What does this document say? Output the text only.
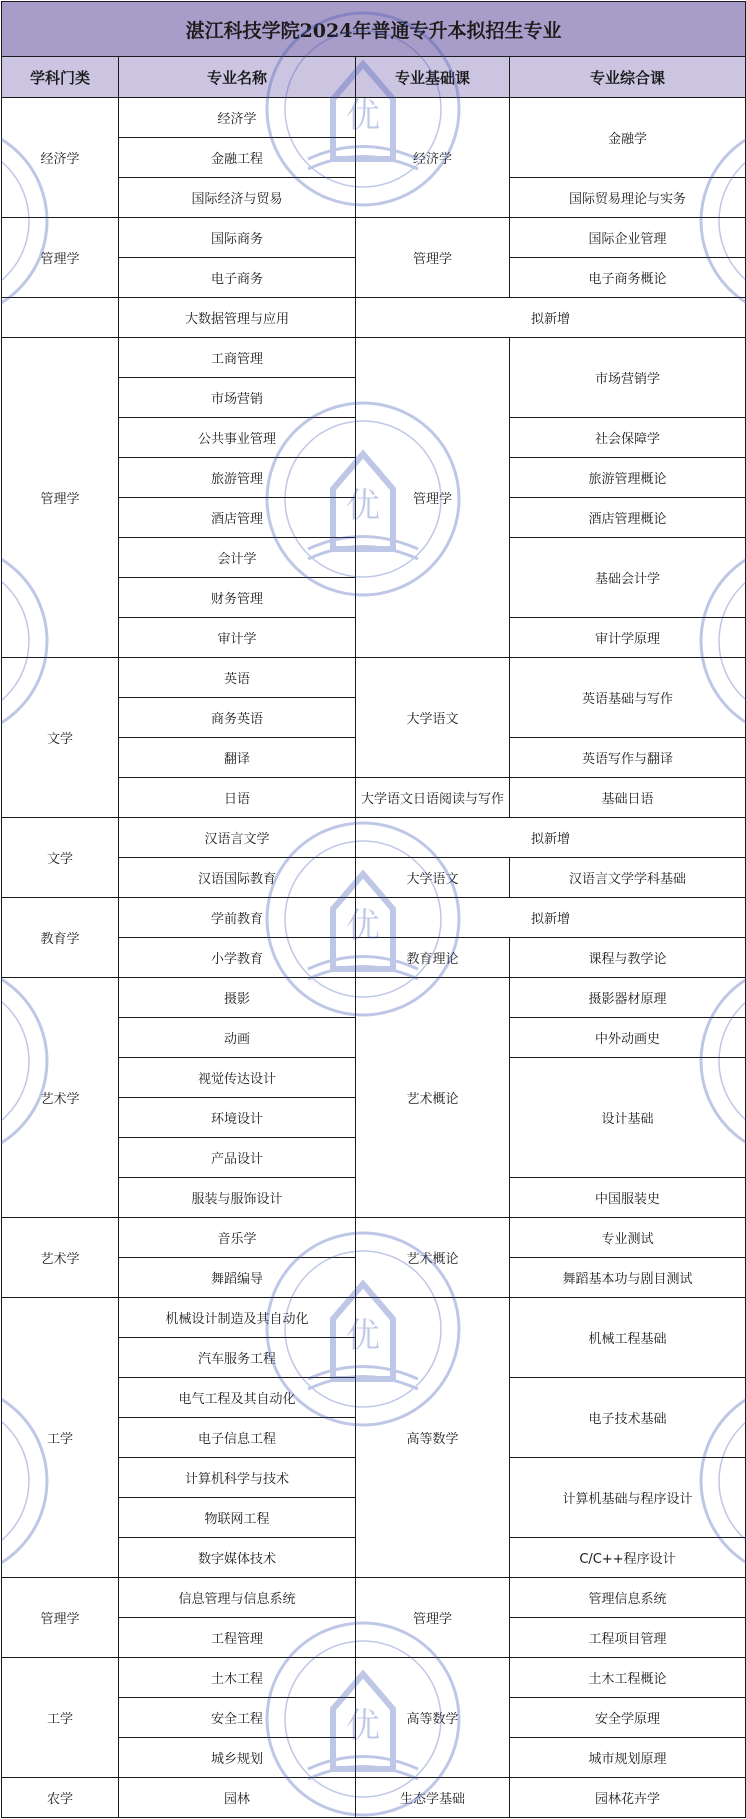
湛江科技学院2024年普通专升本拟招生专业			
学科门类	专业名称	专业基础课	专业综合课
经济学	经济学	经济学	金融学
	金融工程		
	国际经济与贸易		国际贸易理论与实务
管理学	国际商务	管理学	国际企业管理
	电子商务		电子商务概论
	大数据管理与应用	拟新增	
管理学	工商管理	管理学	市场营销学
	市场营销		
	公共事业管理		社会保障学
	旅游管理		旅游管理概论
	酒店管理		酒店管理概论
	会计学		基础会计学
	财务管理		
	审计学		审计学原理
文学	英语	大学语文	英语基础与写作
	商务英语		
	翻译		英语写作与翻译
	日语	大学语文日语阅读与写作	基础日语
文学	汉语言文学	拟新增	
	汉语国际教育	大学语文	汉语言文学学科基础
教育学	学前教育	拟新增	
	小学教育	教育理论	课程与教学论
艺术学	摄影	艺术概论	摄影器材原理
	动画		中外动画史
	视觉传达设计		设计基础
	环境设计		
	产品设计		
	服装与服饰设计		中国服装史
艺术学	音乐学	艺术概论	专业测试
	舞蹈编导		舞蹈基本功与剧目测试
工学	机械设计制造及其自动化	高等数学	机械工程基础
	汽车服务工程		
	电气工程及其自动化		电子技术基础
	电子信息工程		
	计算机科学与技术		计算机基础与程序设计
	物联网工程		
	数字媒体技术		C/C++程序设计
管理学	信息管理与信息系统	管理学	管理信息系统
	工程管理		工程项目管理
工学	土木工程	高等数学	土木工程概论
	安全工程		安全学原理
	城乡规划		城市规划原理
农学	园林	生态学基础	园林花卉学
优
优
优
优
优
